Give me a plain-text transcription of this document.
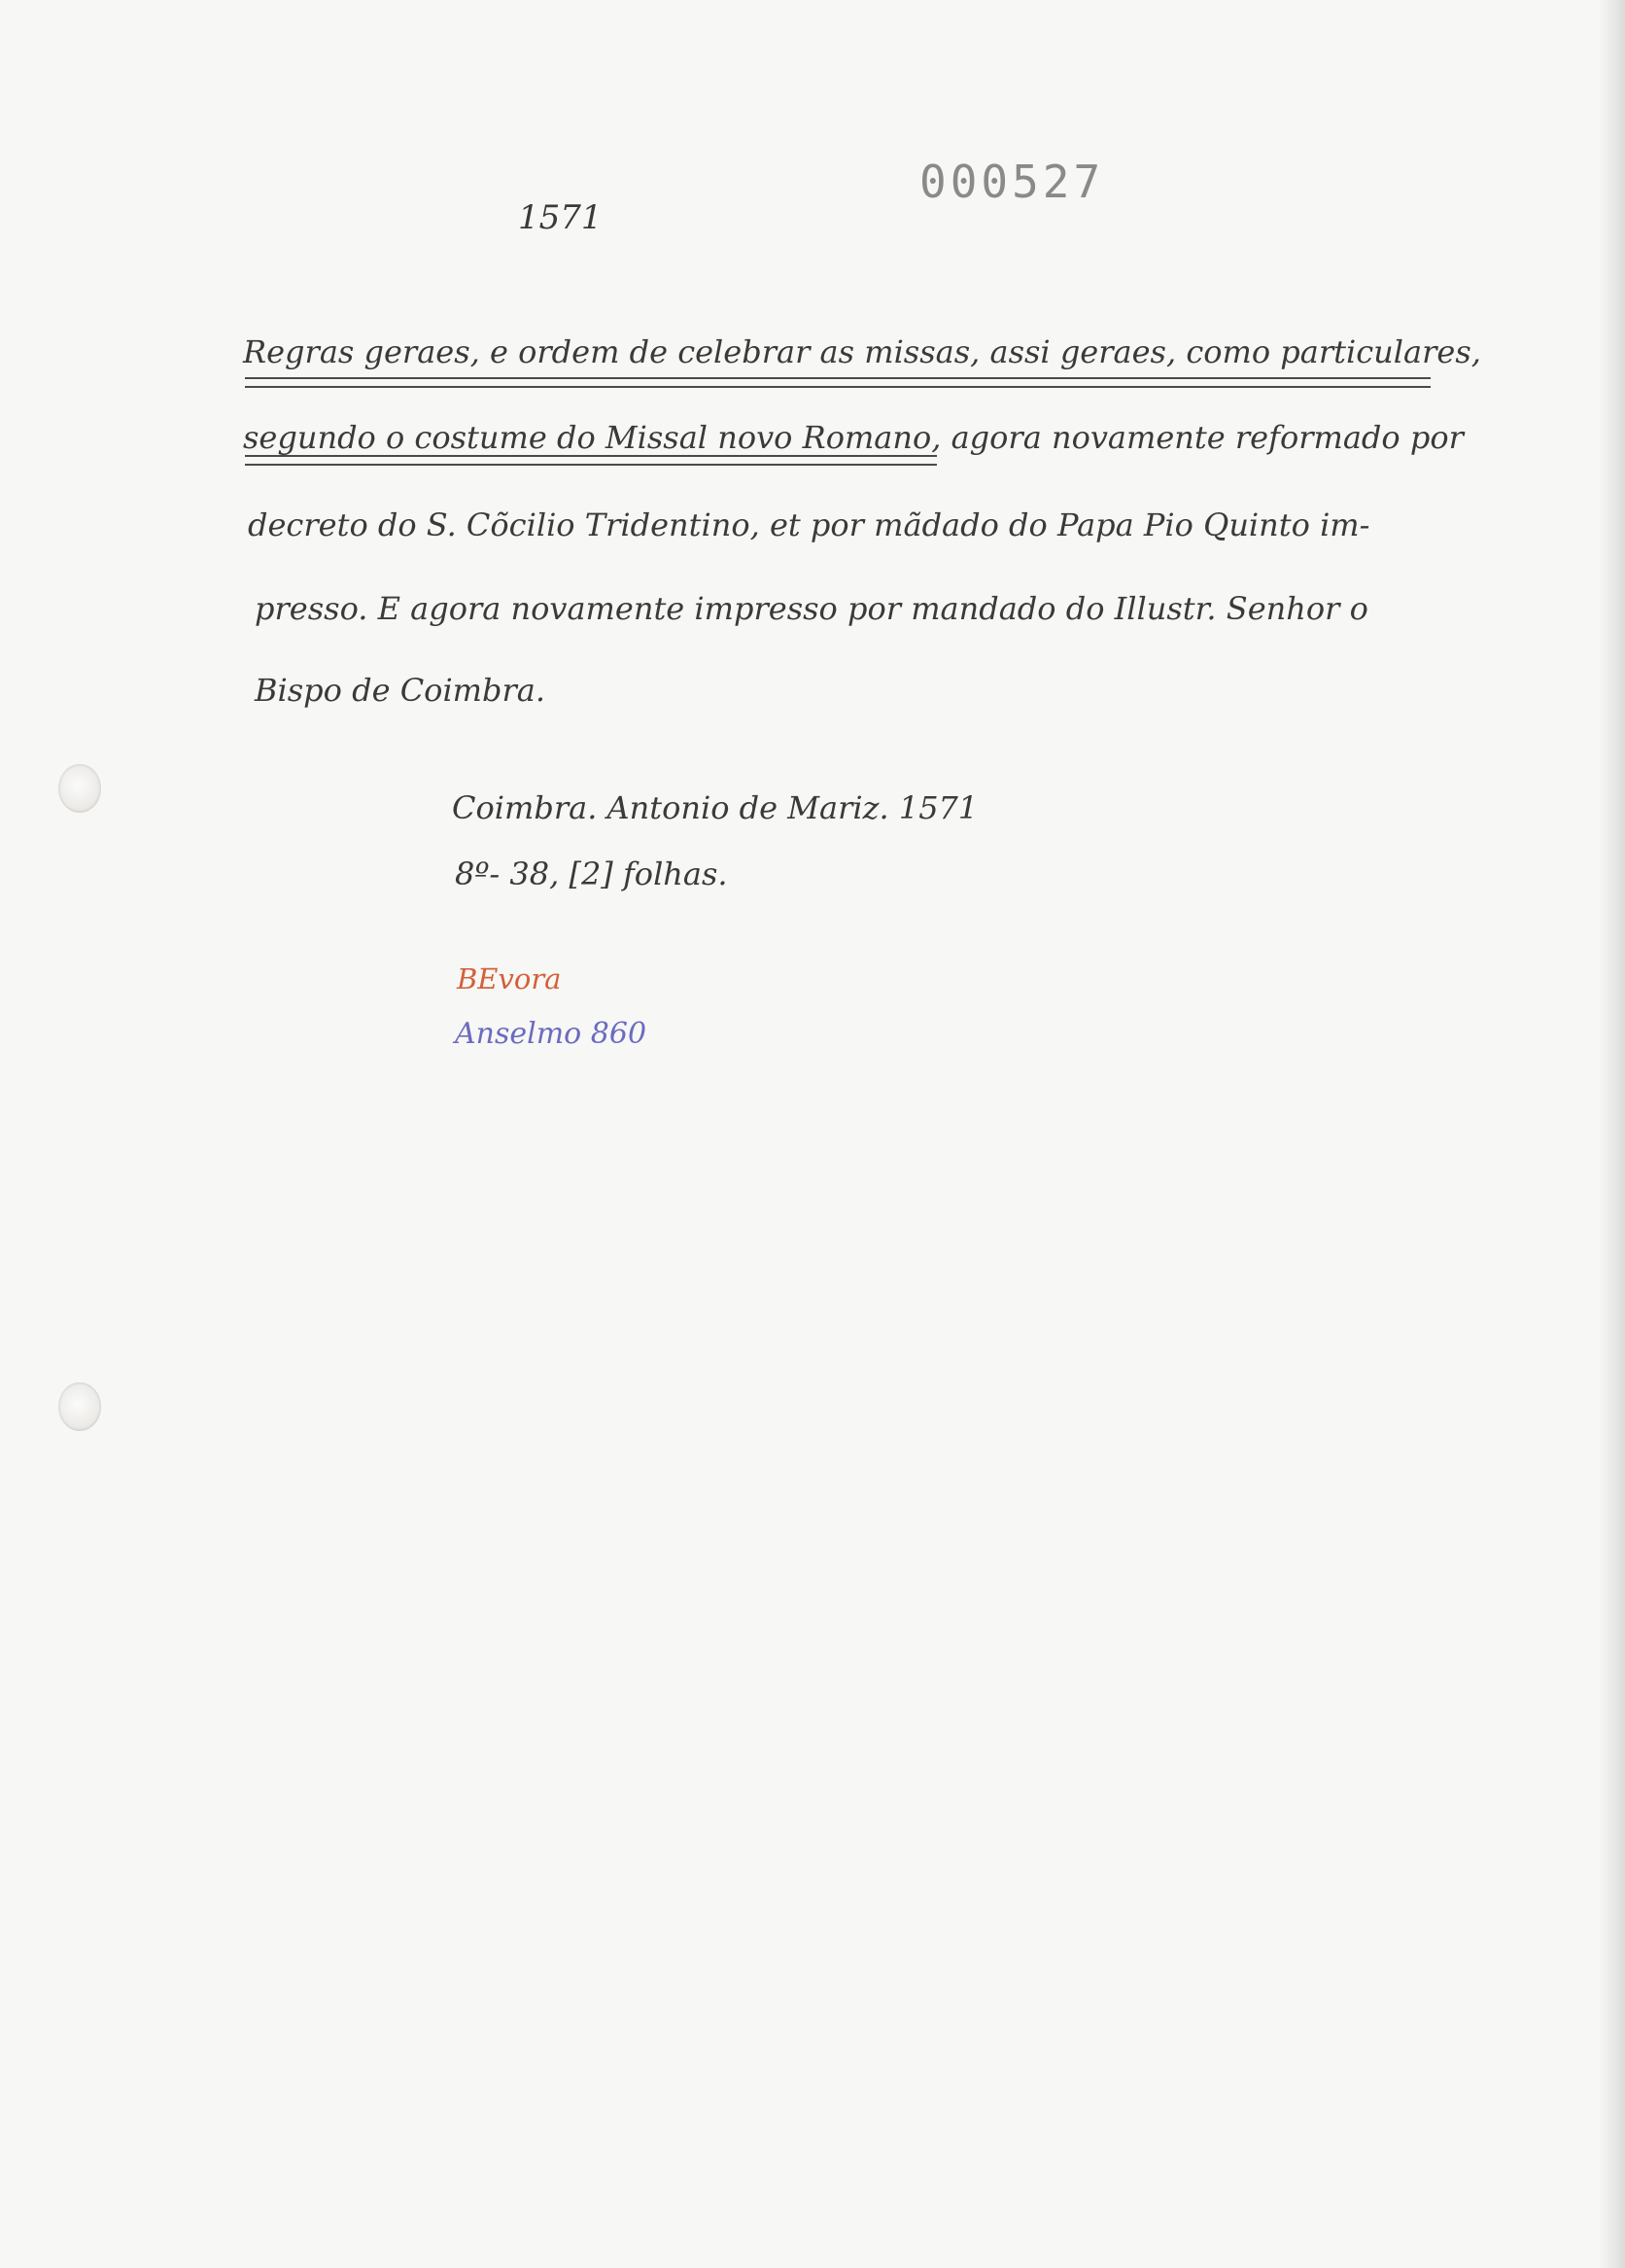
1571
000527
Regras geraes, e ordem de celebrar as missas, assi geraes, como particulares,
segundo o costume do Missal novo Romano, agora novamente reformado por
decreto do S. Cõcilio Tridentino, et por mãdado do Papa Pio Quinto im-
presso. E agora novamente impresso por mandado do Illustr. Senhor o
Bispo de Coimbra.
Coimbra. Antonio de Mariz. 1571
8º- 38, [2] folhas.
BEvora
Anselmo 860
